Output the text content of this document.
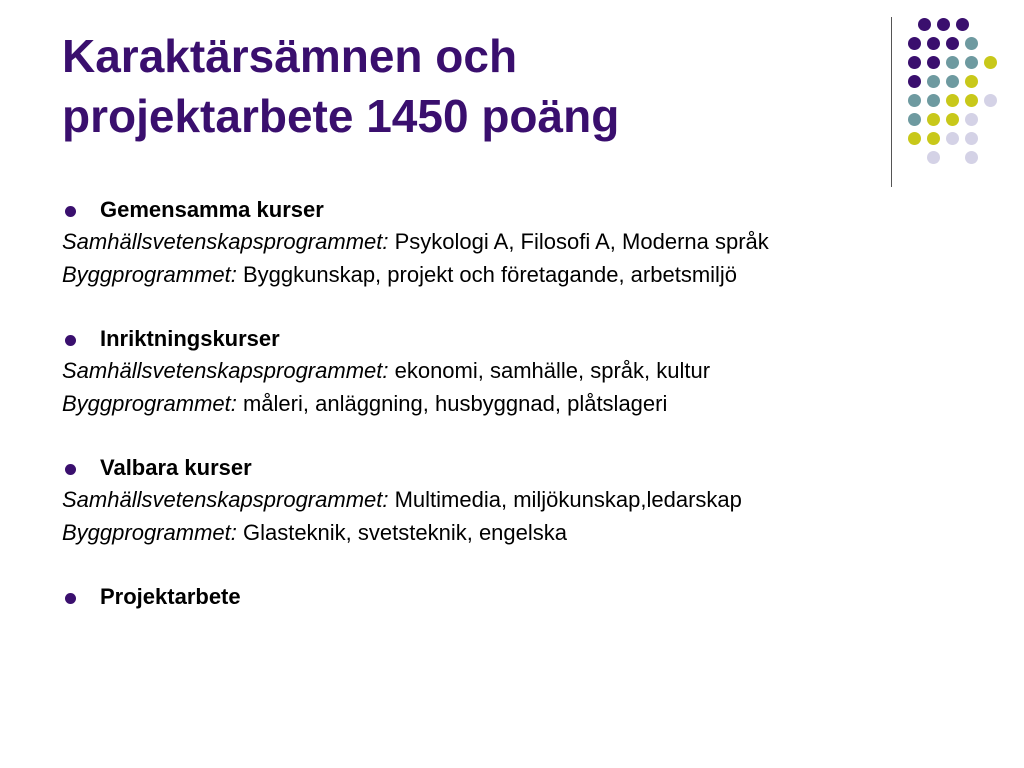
Karaktärsämnen och
projektarbete 1450 poäng
Gemensamma kurser
Samhällsvetenskapsprogrammet: Psykologi A, Filosofi A, Moderna språk
Byggprogrammet: Byggkunskap, projekt och företagande, arbetsmiljö
Inriktningskurser
Samhällsvetenskapsprogrammet: ekonomi, samhälle, språk, kultur
Byggprogrammet: måleri, anläggning, husbyggnad, plåtslageri
Valbara kurser
Samhällsvetenskapsprogrammet: Multimedia, miljökunskap,ledarskap
Byggprogrammet: Glasteknik, svetsteknik, engelska
Projektarbete
